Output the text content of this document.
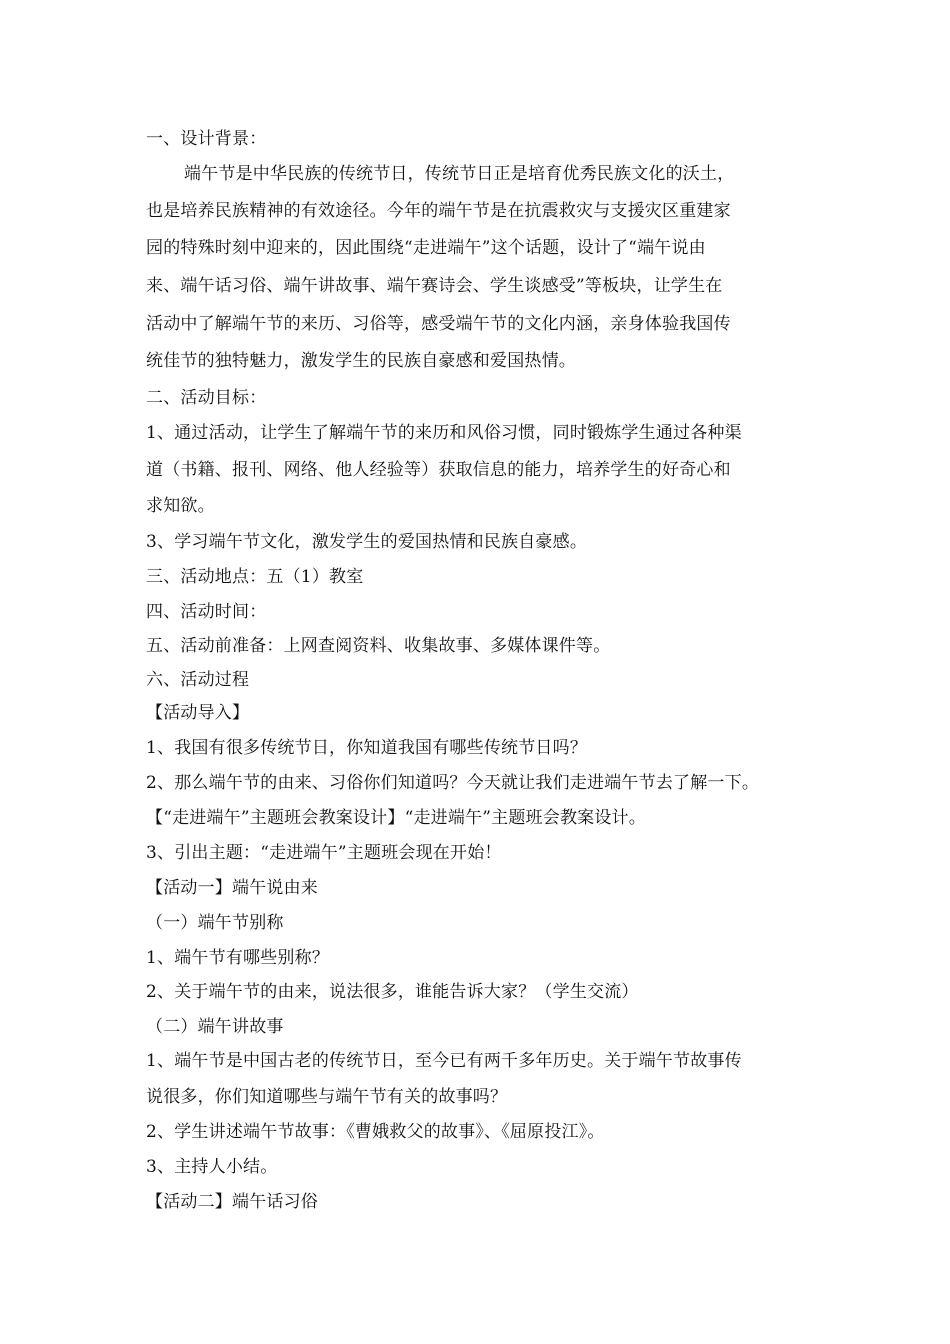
一、设计背景：
端午节是中华民族的传统节日，传统节日正是培育优秀民族文化的沃土，
也是培养民族精神的有效途径。今年的端午节是在抗震救灾与支援灾区重建家
园的特殊时刻中迎来的，因此围绕“走进端午”这个话题，设计了“端午说由
来、端午话习俗、端午讲故事、端午赛诗会、学生谈感受”等板块，让学生在
活动中了解端午节的来历、习俗等，感受端午节的文化内涵，亲身体验我国传
统佳节的独特魅力，激发学生的民族自豪感和爱国热情。
二、活动目标：
1、通过活动，让学生了解端午节的来历和风俗习惯，同时锻炼学生通过各种渠
道（书籍、报刊、网络、他人经验等）获取信息的能力，培养学生的好奇心和
求知欲。
3、学习端午节文化，激发学生的爱国热情和民族自豪感。
三、活动地点：五（1）教室
四、活动时间：
五、活动前准备：上网查阅资料、收集故事、多媒体课件等。
六、活动过程
【活动导入】
1、我国有很多传统节日，你知道我国有哪些传统节日吗？
2、那么端午节的由来、习俗你们知道吗？今天就让我们走进端午节去了解一下。
【“走进端午”主题班会教案设计】“走进端午”主题班会教案设计。
3、引出主题：“走进端午”主题班会现在开始！
【活动一】端午说由来
（一）端午节别称
1、端午节有哪些别称？
2、关于端午节的由来，说法很多，谁能告诉大家？（学生交流）
（二）端午讲故事
1、端午节是中国古老的传统节日，至今已有两千多年历史。关于端午节故事传
说很多，你们知道哪些与端午节有关的故事吗？
2、学生讲述端午节故事：《曹娥救父的故事》、《屈原投江》。
3、主持人小结。
【活动二】端午话习俗
